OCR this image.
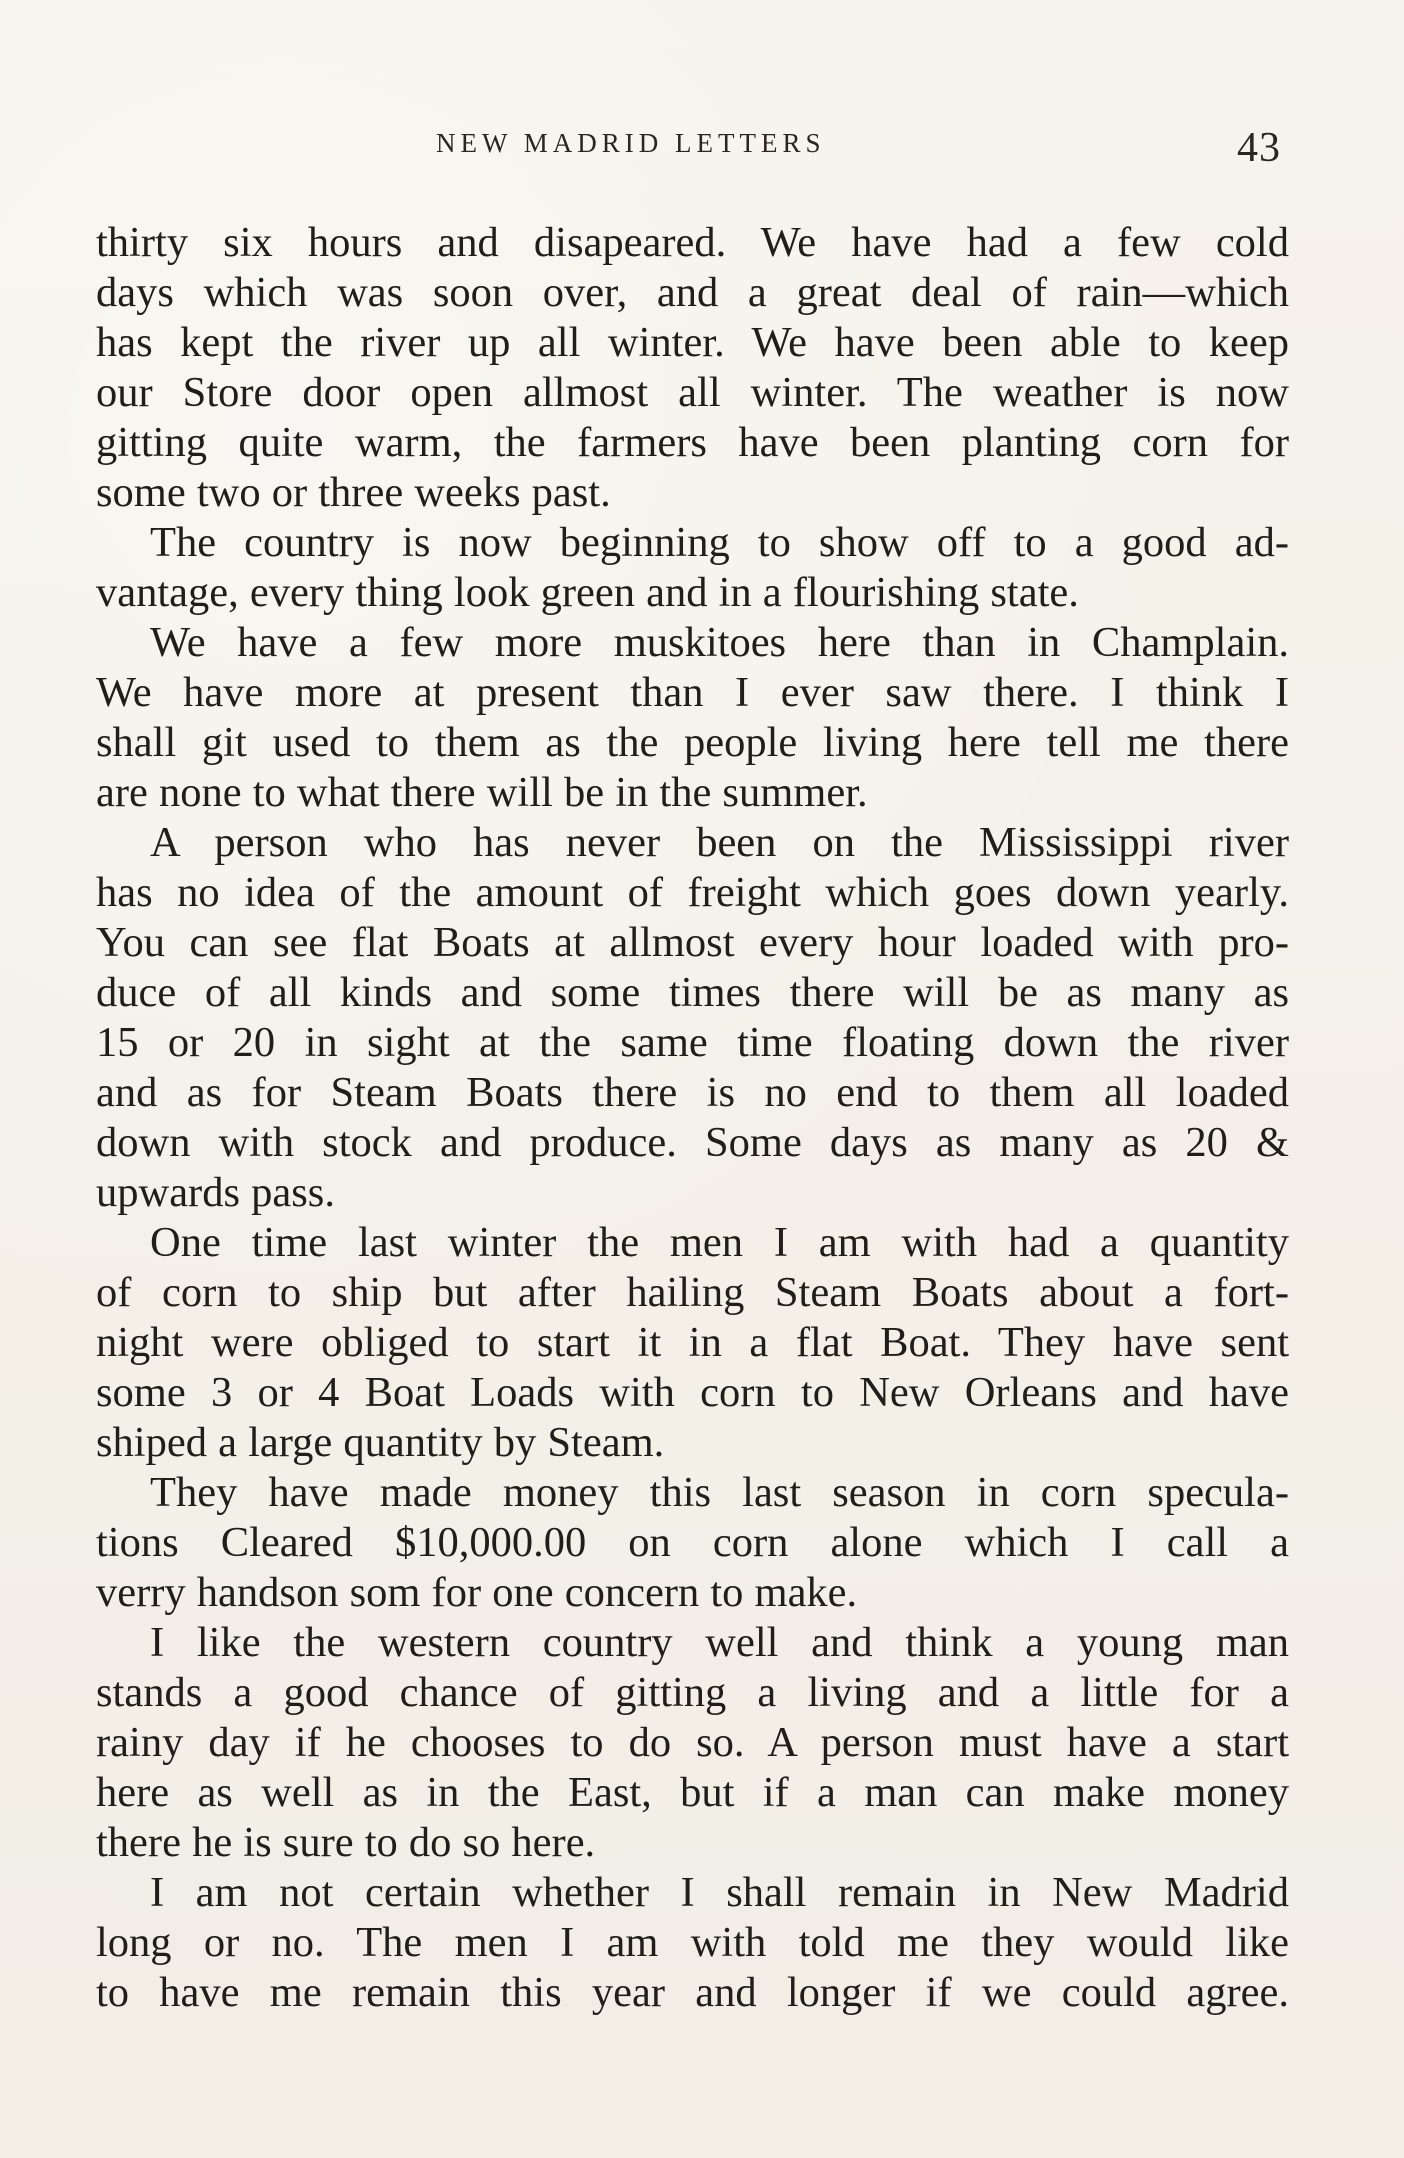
NEW MADRID LETTERS	43
thirty six hours and disapeared. We have had a few cold
days which was soon over, and a great deal of rain—which
has kept the river up all winter. We have been able to keep
our Store door open allmost all winter. The weather is now
gitting quite warm, the farmers have been planting corn for
some two or three weeks past.
The country is now beginning to show off to a good ad-
vantage, every thing look green and in a flourishing state.
We have a few more muskitoes here than in Champlain.
We have more at present than I ever saw there. I think I
shall git used to them as the people living here tell me there
are none to what there will be in the summer.
A person who has never been on the Mississippi river
has no idea of the amount of freight which goes down yearly.
You can see flat Boats at allmost every hour loaded with pro-
duce of all kinds and some times there will be as many as
15 or 20 in sight at the same time floating down the river
and as for Steam Boats there is no end to them all loaded
down with stock and produce. Some days as many as 20 &
upwards pass.
One time last winter the men I am with had a quantity
of corn to ship but after hailing Steam Boats about a fort-
night were obliged to start it in a flat Boat. They have sent
some 3 or 4 Boat Loads with corn to New Orleans and have
shiped a large quantity by Steam.
They have made money this last season in corn specula-
tions Cleared $10,000.00 on corn alone which I call a
verry handson som for one concern to make.
I like the western country well and think a young man
stands a good chance of gitting a living and a little for a
rainy day if he chooses to do so. A person must have a start
here as well as in the East, but if a man can make money
there he is sure to do so here.
I am not certain whether I shall remain in New Madrid
long or no. The men I am with told me they would like
to have me remain this year and longer if we could agree.
